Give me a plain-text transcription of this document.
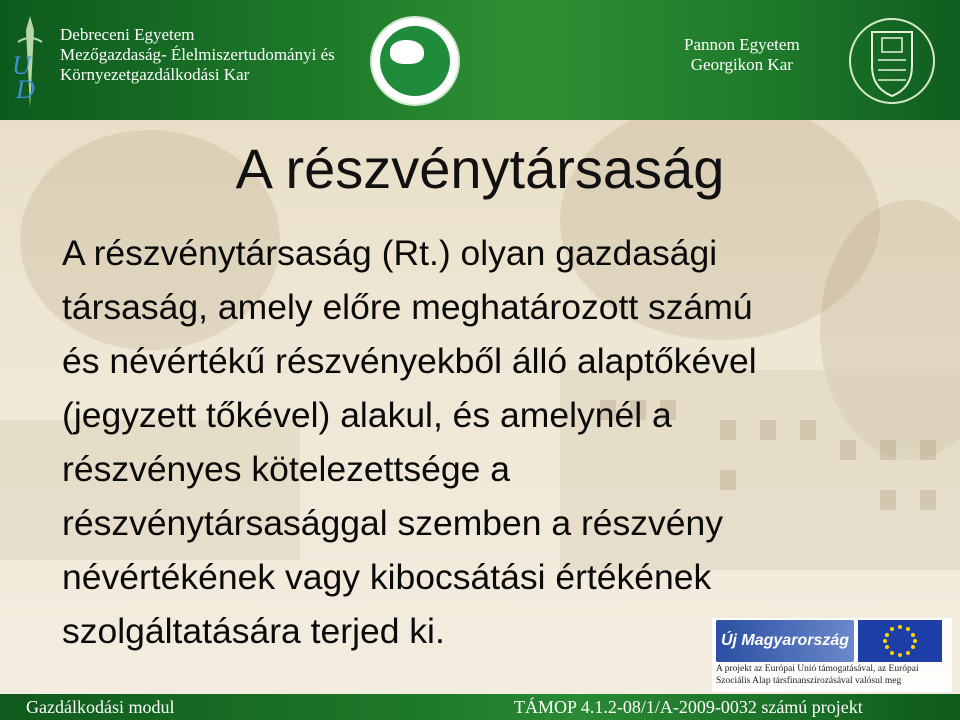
U
D
Debreceni Egyetem
Mezőgazdaság- Élelmiszertudományi és
Környezetgazdálkodási Kar
Pannon Egyetem
Georgikon Kar
A részvénytársaság
A részvénytársaság (Rt.) olyan gazdasági
társaság, amely előre meghatározott számú
és névértékű részvényekből álló alaptőkével
(jegyzett tőkével) alakul, és amelynél a
részvényes kötelezettsége a
részvénytársasággal szemben a részvény
névértékének vagy kibocsátási értékének
szolgáltatására terjed ki.	Új Magyarország
A projekt az Európai Unió támogatásával, az Európai Szociális Alap társfinanszírozásával valósul meg
Gazdálkodási modul	TÁMOP 4.1.2-08/1/A-2009-0032 számú projekt
